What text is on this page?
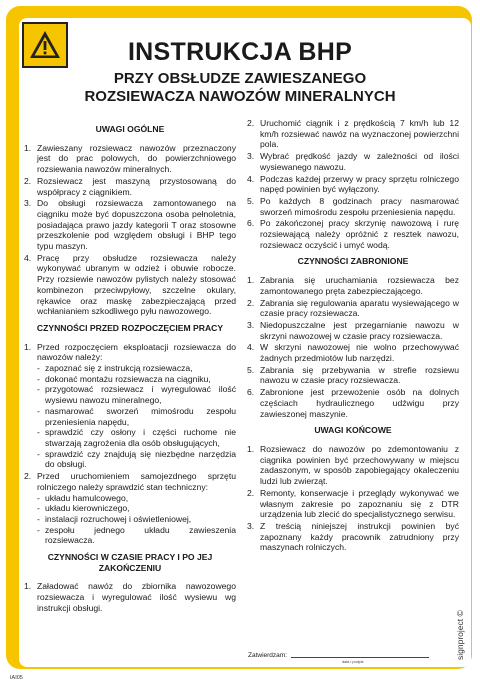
INSTRUKCJA BHP
PRZY OBSŁUDZE ZAWIESZANEGO
ROZSIEWACZA NAWOZÓW MINERALNYCH
UWAGI OGÓLNE
1. Zawieszany rozsiewacz nawozów przeznaczony jest do prac polowych, do powierzchniowego rozsiewania nawozów mineralnych.
2. Rozsiewacz jest maszyną przystosowaną do współpracy z ciągnikiem.
3. Do obsługi rozsiewacza zamontowanego na ciągniku może być dopuszczona osoba pełnoletnia, posiadająca prawo jazdy kategorii T oraz stosowne przeszkolenie pod względem obsługi i BHP tego typu maszyn.
4. Pracę przy obsłudze rozsiewacza należy wykonywać ubranym w odzież i obuwie robocze. Przy rozsiewie nawozów pylistych należy stosować kombinezon przeciwpyłowy, szczelne okulary, rękawice oraz maskę zabezpieczającą przed wchłanianiem szkodliwego pyłu nawozowego.
CZYNNOŚCI PRZED ROZPOCZĘCIEM PRACY
1. Przed rozpoczęciem eksploatacji rozsiewacza do nawozów należy:
- zapoznać się z instrukcją rozsiewacza,
- dokonać montażu rozsiewacza na ciągniku,
- przygotować rozsiewacz i wyregulować ilość wysiewu nawozu mineralnego,
- nasmarować sworzeń mimośrodu zespołu przeniesienia napędu,
- sprawdzić czy osłony i części ruchome nie stwarzają zagrożenia dla osób obsługujących,
- sprawdzić czy znajdują się niezbędne narzędzia do obsługi.
2. Przed uruchomieniem samojezdnego sprzętu rolniczego należy sprawdzić stan techniczny:
- układu hamulcowego,
- układu kierowniczego,
- instalacji rozruchowej i oświetleniowej,
- zespołu jednego układu zawieszenia rozsiewacza.
CZYNNOŚCI W CZASIE PRACY I PO JEJ ZAKOŃCZENIU
1. Załadować nawóz do zbiornika nawozowego rozsiewacza i wyregulować ilość wysiewu wg instrukcji obsługi.
2. Uruchomić ciągnik i z prędkością 7 km/h lub 12 km/h rozsiewać nawóz na wyznaczonej powierzchni pola.
3. Wybrać prędkość jazdy w zależności od ilości wysiewanego nawozu.
4. Podczas każdej przerwy w pracy sprzętu rolniczego napęd powinien być wyłączony.
5. Po każdych 8 godzinach pracy nasmarować sworzeń mimośrodu zespołu przeniesienia napędu.
6. Po zakończonej pracy skrzynię nawozową i rurę rozsiewającą należy opróżnić z resztek nawozu, rozsiewacz oczyścić i umyć wodą.
CZYNNOŚCI ZABRONIONE
1. Zabrania się uruchamiania rozsiewacza bez zamontowanego pręta zabezpieczającego.
2. Zabrania się regulowania aparatu wysiewającego w czasie pracy rozsiewacza.
3. Niedopuszczalne jest przegarnianie nawozu w skrzyni nawozowej w czasie pracy rozsiewacza.
4. W skrzyni nawozowej nie wolno przechowywać żadnych przedmiotów lub narzędzi.
5. Zabrania się przebywania w strefie rozsiewu nawozu w czasie pracy rozsiewacza.
6. Zabronione jest przewożenie osób na dolnych częściach hydraulicznego udźwigu przy zawieszonej maszynie.
UWAGI KOŃCOWE
1. Rozsiewacz do nawozów po zdemontowaniu z ciągnika powinien być przechowywany w miejscu zadaszonym, w sposób zapobiegający okaleczeniu ludzi lub zwierząt.
2. Remonty, konserwacje i przeglądy wykonywać we własnym zakresie po zapoznaniu się z DTR urządzenia lub zlecić do specjalistycznego serwisu.
3. Z treścią niniejszej instrukcji powinien być zapoznany każdy pracownik zatrudniony przy maszynach rolniczych.
Zatwierdzam:
data i podpis
signproject ©
IAI05
